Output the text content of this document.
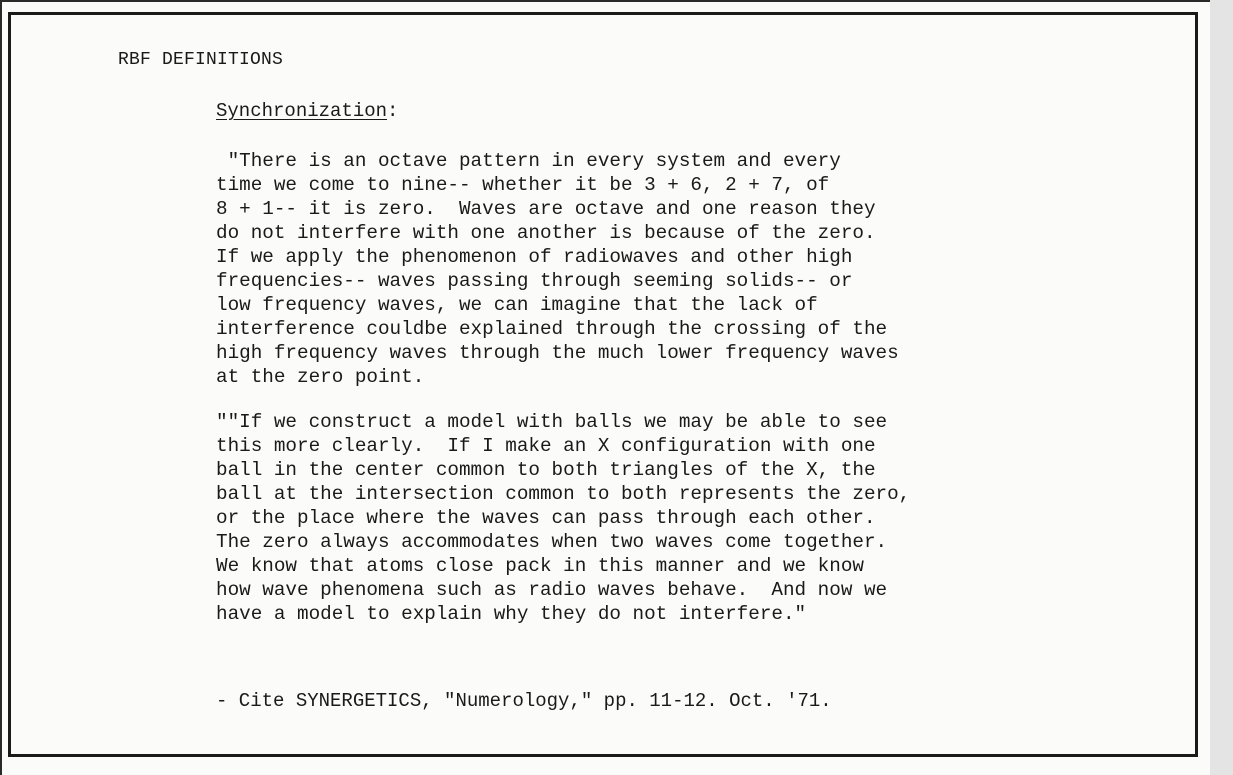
RBF DEFINITIONS
Synchronization:
"There is an octave pattern in every system and every
time we come to nine-- whether it be 3 + 6, 2 + 7, of
8 + 1-- it is zero.  Waves are octave and one reason they
do not interfere with one another is because of the zero.
If we apply the phenomenon of radiowaves and other high
frequencies-- waves passing through seeming solids-- or
low frequency waves, we can imagine that the lack of
interference couldbe explained through the crossing of the
high frequency waves through the much lower frequency waves
at the zero point.
""If we construct a model with balls we may be able to see
this more clearly.  If I make an X configuration with one
ball in the center common to both triangles of the X, the
ball at the intersection common to both represents the zero,
or the place where the waves can pass through each other.
The zero always accommodates when two waves come together.
We know that atoms close pack in this manner and we know
how wave phenomena such as radio waves behave.  And now we
have a model to explain why they do not interfere."
- Cite SYNERGETICS, "Numerology," pp. 11-12. Oct. '71.
